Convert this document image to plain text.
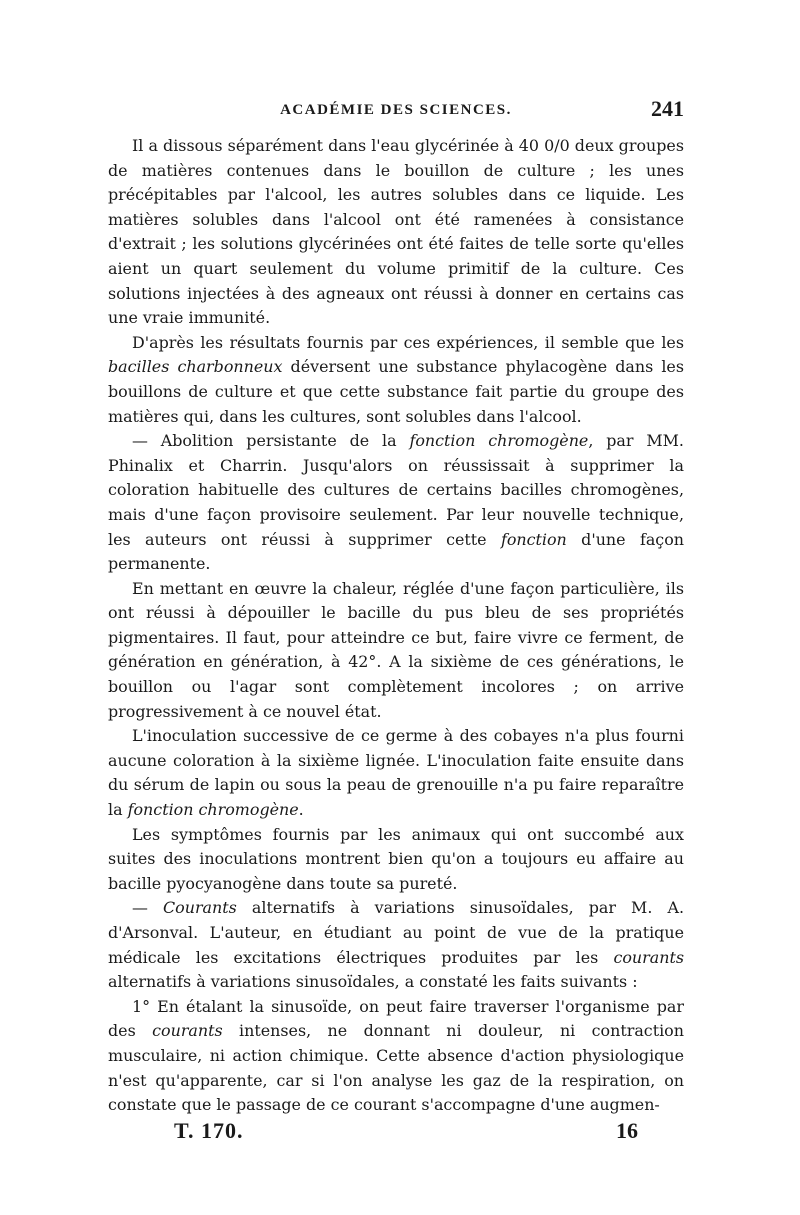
ACADÉMIE DES SCIENCES.	241

Il a dissous séparément dans l'eau glycérinée à 40 0/0 deux groupes de matières contenues dans le bouillon de culture ; les unes précépitables par l'alcool, les autres solubles dans ce liquide. Les matières solubles dans l'alcool ont été ramenées à consistance d'extrait ; les solutions glycérinées ont été faites de telle sorte qu'elles aient un quart seulement du volume primitif de la culture. Ces solutions injectées à des agneaux ont réussi à donner en certains cas une vraie immunité.

D'après les résultats fournis par ces expériences, il semble que les bacilles charbonneux déversent une substance phylacogène dans les bouillons de culture et que cette substance fait partie du groupe des matières qui, dans les cultures, sont solubles dans l'alcool.

— Abolition persistante de la fonction chromogène, par MM. Phinalix et Charrin. Jusqu'alors on réussissait à supprimer la coloration habituelle des cultures de certains bacilles chromogènes, mais d'une façon provisoire seulement. Par leur nouvelle technique, les auteurs ont réussi à supprimer cette fonction d'une façon permanente.

En mettant en œuvre la chaleur, réglée d'une façon particulière, ils ont réussi à dépouiller le bacille du pus bleu de ses propriétés pigmentaires. Il faut, pour atteindre ce but, faire vivre ce ferment, de génération en génération, à 42°. A la sixième de ces générations, le bouillon ou l'agar sont complètement incolores ; on arrive progressivement à ce nouvel état.

L'inoculation successive de ce germe à des cobayes n'a plus fourni aucune coloration à la sixième lignée. L'inoculation faite ensuite dans du sérum de lapin ou sous la peau de grenouille n'a pu faire reparaître la fonction chromogène.

Les symptômes fournis par les animaux qui ont succombé aux suites des inoculations montrent bien qu'on a toujours eu affaire au bacille pyocyanogène dans toute sa pureté.

— Courants alternatifs à variations sinusoïdales, par M. A. d'Arsonval. L'auteur, en étudiant au point de vue de la pratique médicale les excitations électriques produites par les courants alternatifs à variations sinusoïdales, a constaté les faits suivants :

1° En étalant la sinusoïde, on peut faire traverser l'organisme par des courants intenses, ne donnant ni douleur, ni contraction musculaire, ni action chimique. Cette absence d'action physiologique n'est qu'apparente, car si l'on analyse les gaz de la respiration, on constate que le passage de ce courant s'accompagne d'une augmen-

T. 170.	16
